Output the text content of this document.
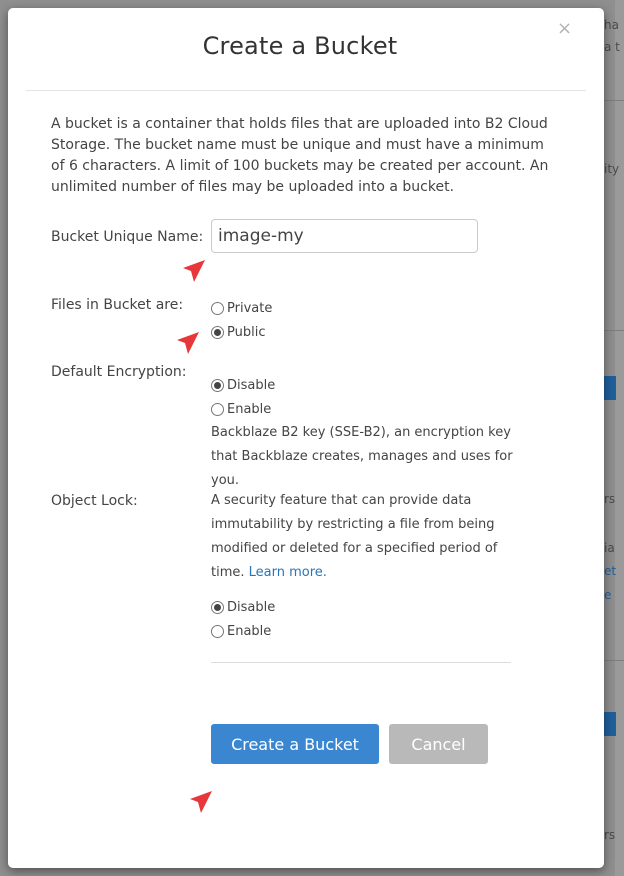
ha
a t
ity
rs
ia
et
e
rs
×
Create a Bucket

A bucket is a container that holds files that are uploaded into B2 Cloud Storage. The bucket name must be unique and must have a minimum of 6 characters. A limit of 100 buckets may be created per account. An unlimited number of files may be uploaded into a bucket.

Bucket Unique Name:
image-my
Files in Bucket are:	Private
Public
Default Encryption:
Disable
Enable

Backblaze B2 key (SSE-B2), an encryption key that Backblaze creates, manages and uses for you.

Object Lock:	A security feature that can provide data immutability by restricting a file from being modified or deleted for a specified period of time. Learn more.

Disable
Enable
Create a Bucket	Cancel
